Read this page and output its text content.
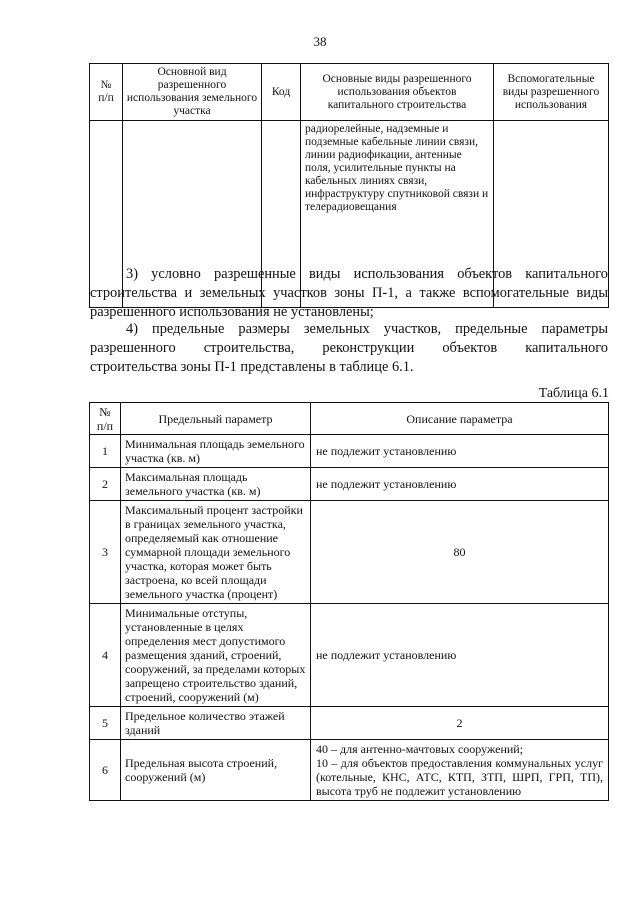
38
№
п/п	Основной вид разрешенного использования земельного участка	Код	Основные виды разрешенного использования объектов капитального строительства	Вспомогательные виды разрешенного использования
			радиорелейные, надземные и подземные кабельные линии связи, линии радиофикации, антенные поля, усилительные пункты на кабельных линиях связи, инфраструктуру спутниковой связи и телерадиовещания	
3) условно разрешенные виды использования объектов капитального
строительства и земельных участков зоны П-1, а также вспомогательные виды
разрешенного использования не установлены;
4) предельные размеры земельных участков, предельные параметры
разрешенного строительства, реконструкции объектов капитального
строительства зоны П-1 представлены в таблице 6.1.
Таблица 6.1
№
п/п	Предельный параметр	Описание параметра
1	Минимальная площадь земельного участка (кв. м)	не подлежит установлению
2	Максимальная площадь земельного участка (кв. м)	не подлежит установлению
3	Максимальный процент застройки в границах земельного участка, определяемый как отношение суммарной площади земельного участка, которая может быть застроена, ко всей площади земельного участка (процент)	80
4	Минимальные отступы, установленные в целях определения мест допустимого размещения зданий, строений, сооружений, за пределами которых запрещено строительство зданий, строений, сооружений (м)	не подлежит установлению
5	Предельное количество этажей зданий	2
6	Предельная высота строений, сооружений (м)	40 – для антенно-мачтовых сооружений;
10 – для объектов предоставления коммунальных услуг (котельные, КНС, АТС, КТП, ЗТП, ШРП, ГРП, ТП), высота труб не подлежит установлению
